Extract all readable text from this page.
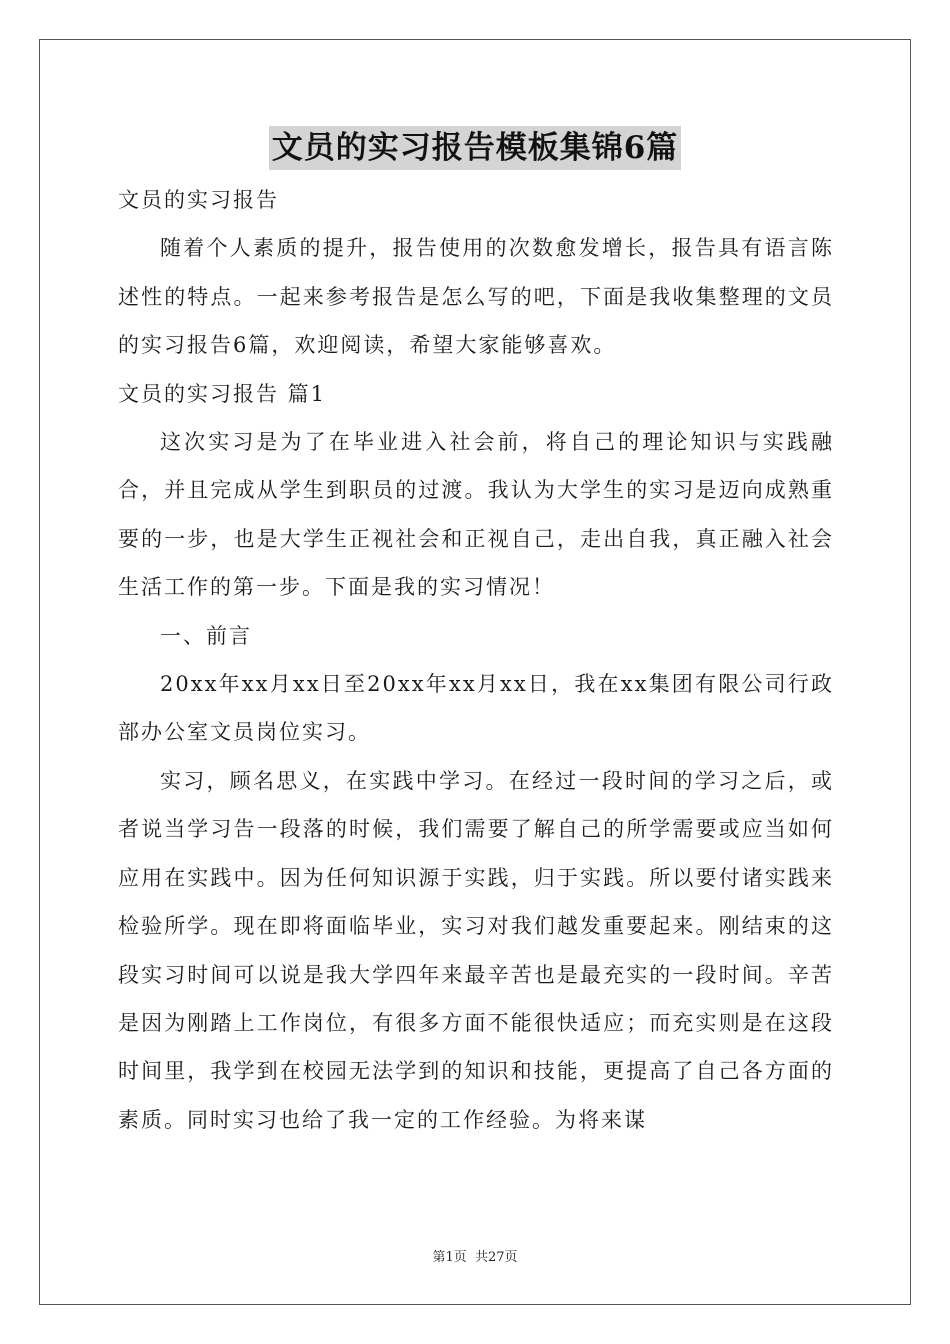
文员的实习报告模板集锦6篇

文员的实习报告

随着个人素质的提升，报告使用的次数愈发增长，报告具有语言陈述性的特点。一起来参考报告是怎么写的吧，下面是我收集整理的文员的实习报告6篇，欢迎阅读，希望大家能够喜欢。

文员的实习报告 篇1

这次实习是为了在毕业进入社会前，将自己的理论知识与实践融合，并且完成从学生到职员的过渡。我认为大学生的实习是迈向成熟重要的一步，也是大学生正视社会和正视自己，走出自我，真正融入社会生活工作的第一步。下面是我的实习情况！

一、前言

20xx年xx月xx日至20xx年xx月xx日，我在xx集团有限公司行政部办公室文员岗位实习。

实习，顾名思义，在实践中学习。在经过一段时间的学习之后，或者说当学习告一段落的时候，我们需要了解自己的所学需要或应当如何应用在实践中。因为任何知识源于实践，归于实践。所以要付诸实践来检验所学。现在即将面临毕业，实习对我们越发重要起来。刚结束的这段实习时间可以说是我大学四年来最辛苦也是最充实的一段时间。辛苦是因为刚踏上工作岗位，有很多方面不能很快适应；而充实则是在这段时间里，我学到在校园无法学到的知识和技能，更提高了自己各方面的素质。同时实习也给了我一定的工作经验。为将来谋

第1页 共27页
